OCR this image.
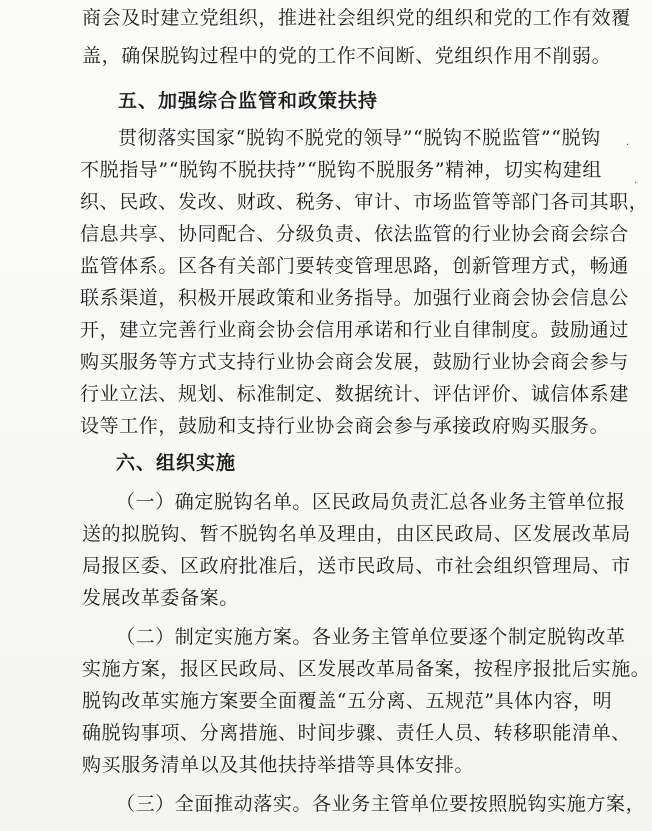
商会及时建立党组织，推进社会组织党的组织和党的工作有效覆
盖，确保脱钩过程中的党的工作不间断、党组织作用不削弱。
五、加强综合监管和政策扶持
贯彻落实国家“脱钩不脱党的领导”“脱钩不脱监管”“脱钩
不脱指导”“脱钩不脱扶持”“脱钩不脱服务”精神，切实构建组
织、民政、发改、财政、税务、审计、市场监管等部门各司其职，
信息共享、协同配合、分级负责、依法监管的行业协会商会综合
监管体系。区各有关部门要转变管理思路，创新管理方式，畅通
联系渠道，积极开展政策和业务指导。加强行业商会协会信息公
开，建立完善行业商会协会信用承诺和行业自律制度。鼓励通过
购买服务等方式支持行业协会商会发展，鼓励行业协会商会参与
行业立法、规划、标准制定、数据统计、评估评价、诚信体系建
设等工作，鼓励和支持行业协会商会参与承接政府购买服务。
六、组织实施
（一）确定脱钩名单。区民政局负责汇总各业务主管单位报
送的拟脱钩、暂不脱钩名单及理由，由区民政局、区发展改革局
局报区委、区政府批准后，送市民政局、市社会组织管理局、市
发展改革委备案。
（二）制定实施方案。各业务主管单位要逐个制定脱钩改革
实施方案，报区民政局、区发展改革局备案，按程序报批后实施。
脱钩改革实施方案要全面覆盖“五分离、五规范”具体内容，明
确脱钩事项、分离措施、时间步骤、责任人员、转移职能清单、
购买服务清单以及其他扶持举措等具体安排。
（三）全面推动落实。各业务主管单位要按照脱钩实施方案，
·
·
